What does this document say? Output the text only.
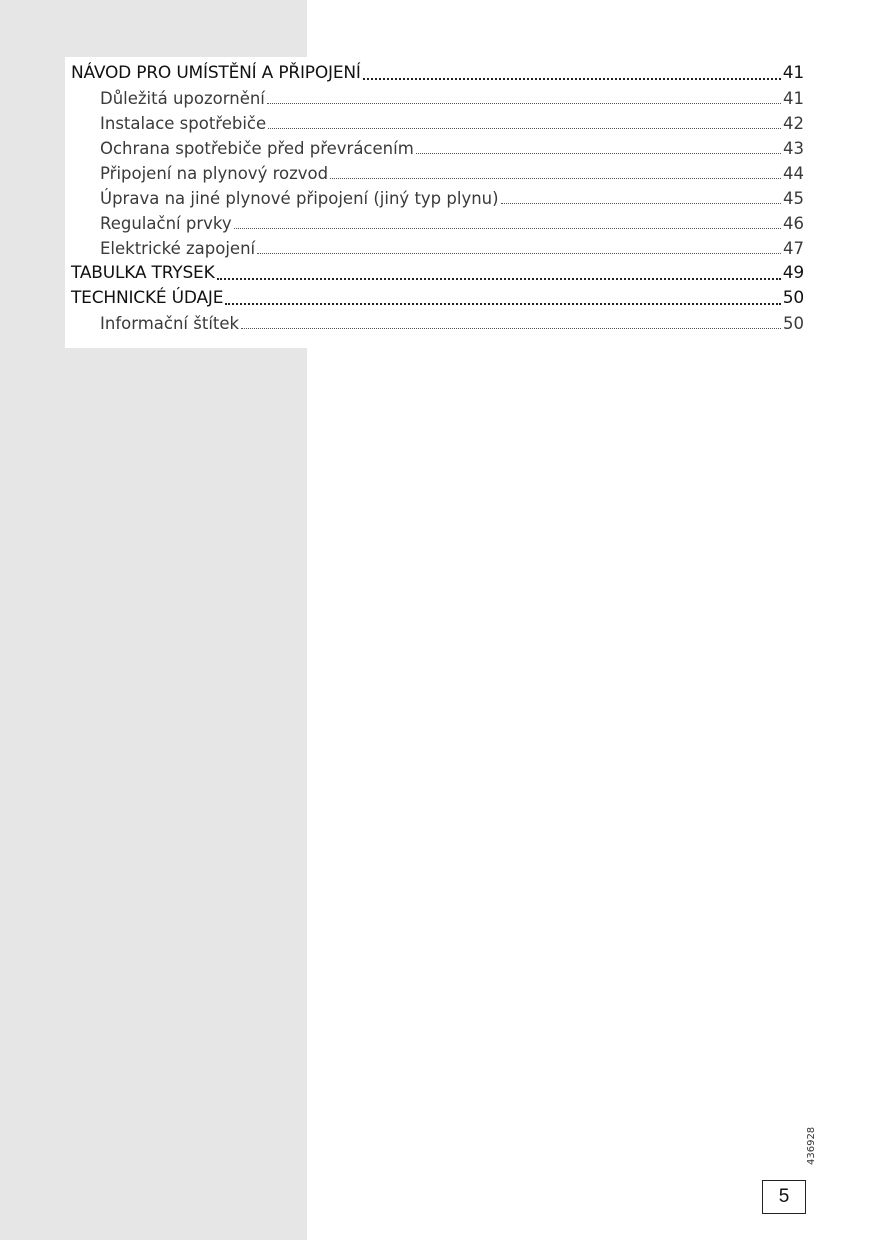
NÁVOD PRO UMÍSTĚNÍ A PŘIPOJENÍ	41
Důležitá upozornění	41
Instalace spotřebiče	42
Ochrana spotřebiče před převrácením	43
Připojení na plynový rozvod	44
Úprava na jiné plynové připojení (jiný typ plynu)	45
Regulační prvky	46
Elektrické zapojení	47
TABULKA TRYSEK	49
TECHNICKÉ ÚDAJE	50
Informační štítek	50
436928
5
